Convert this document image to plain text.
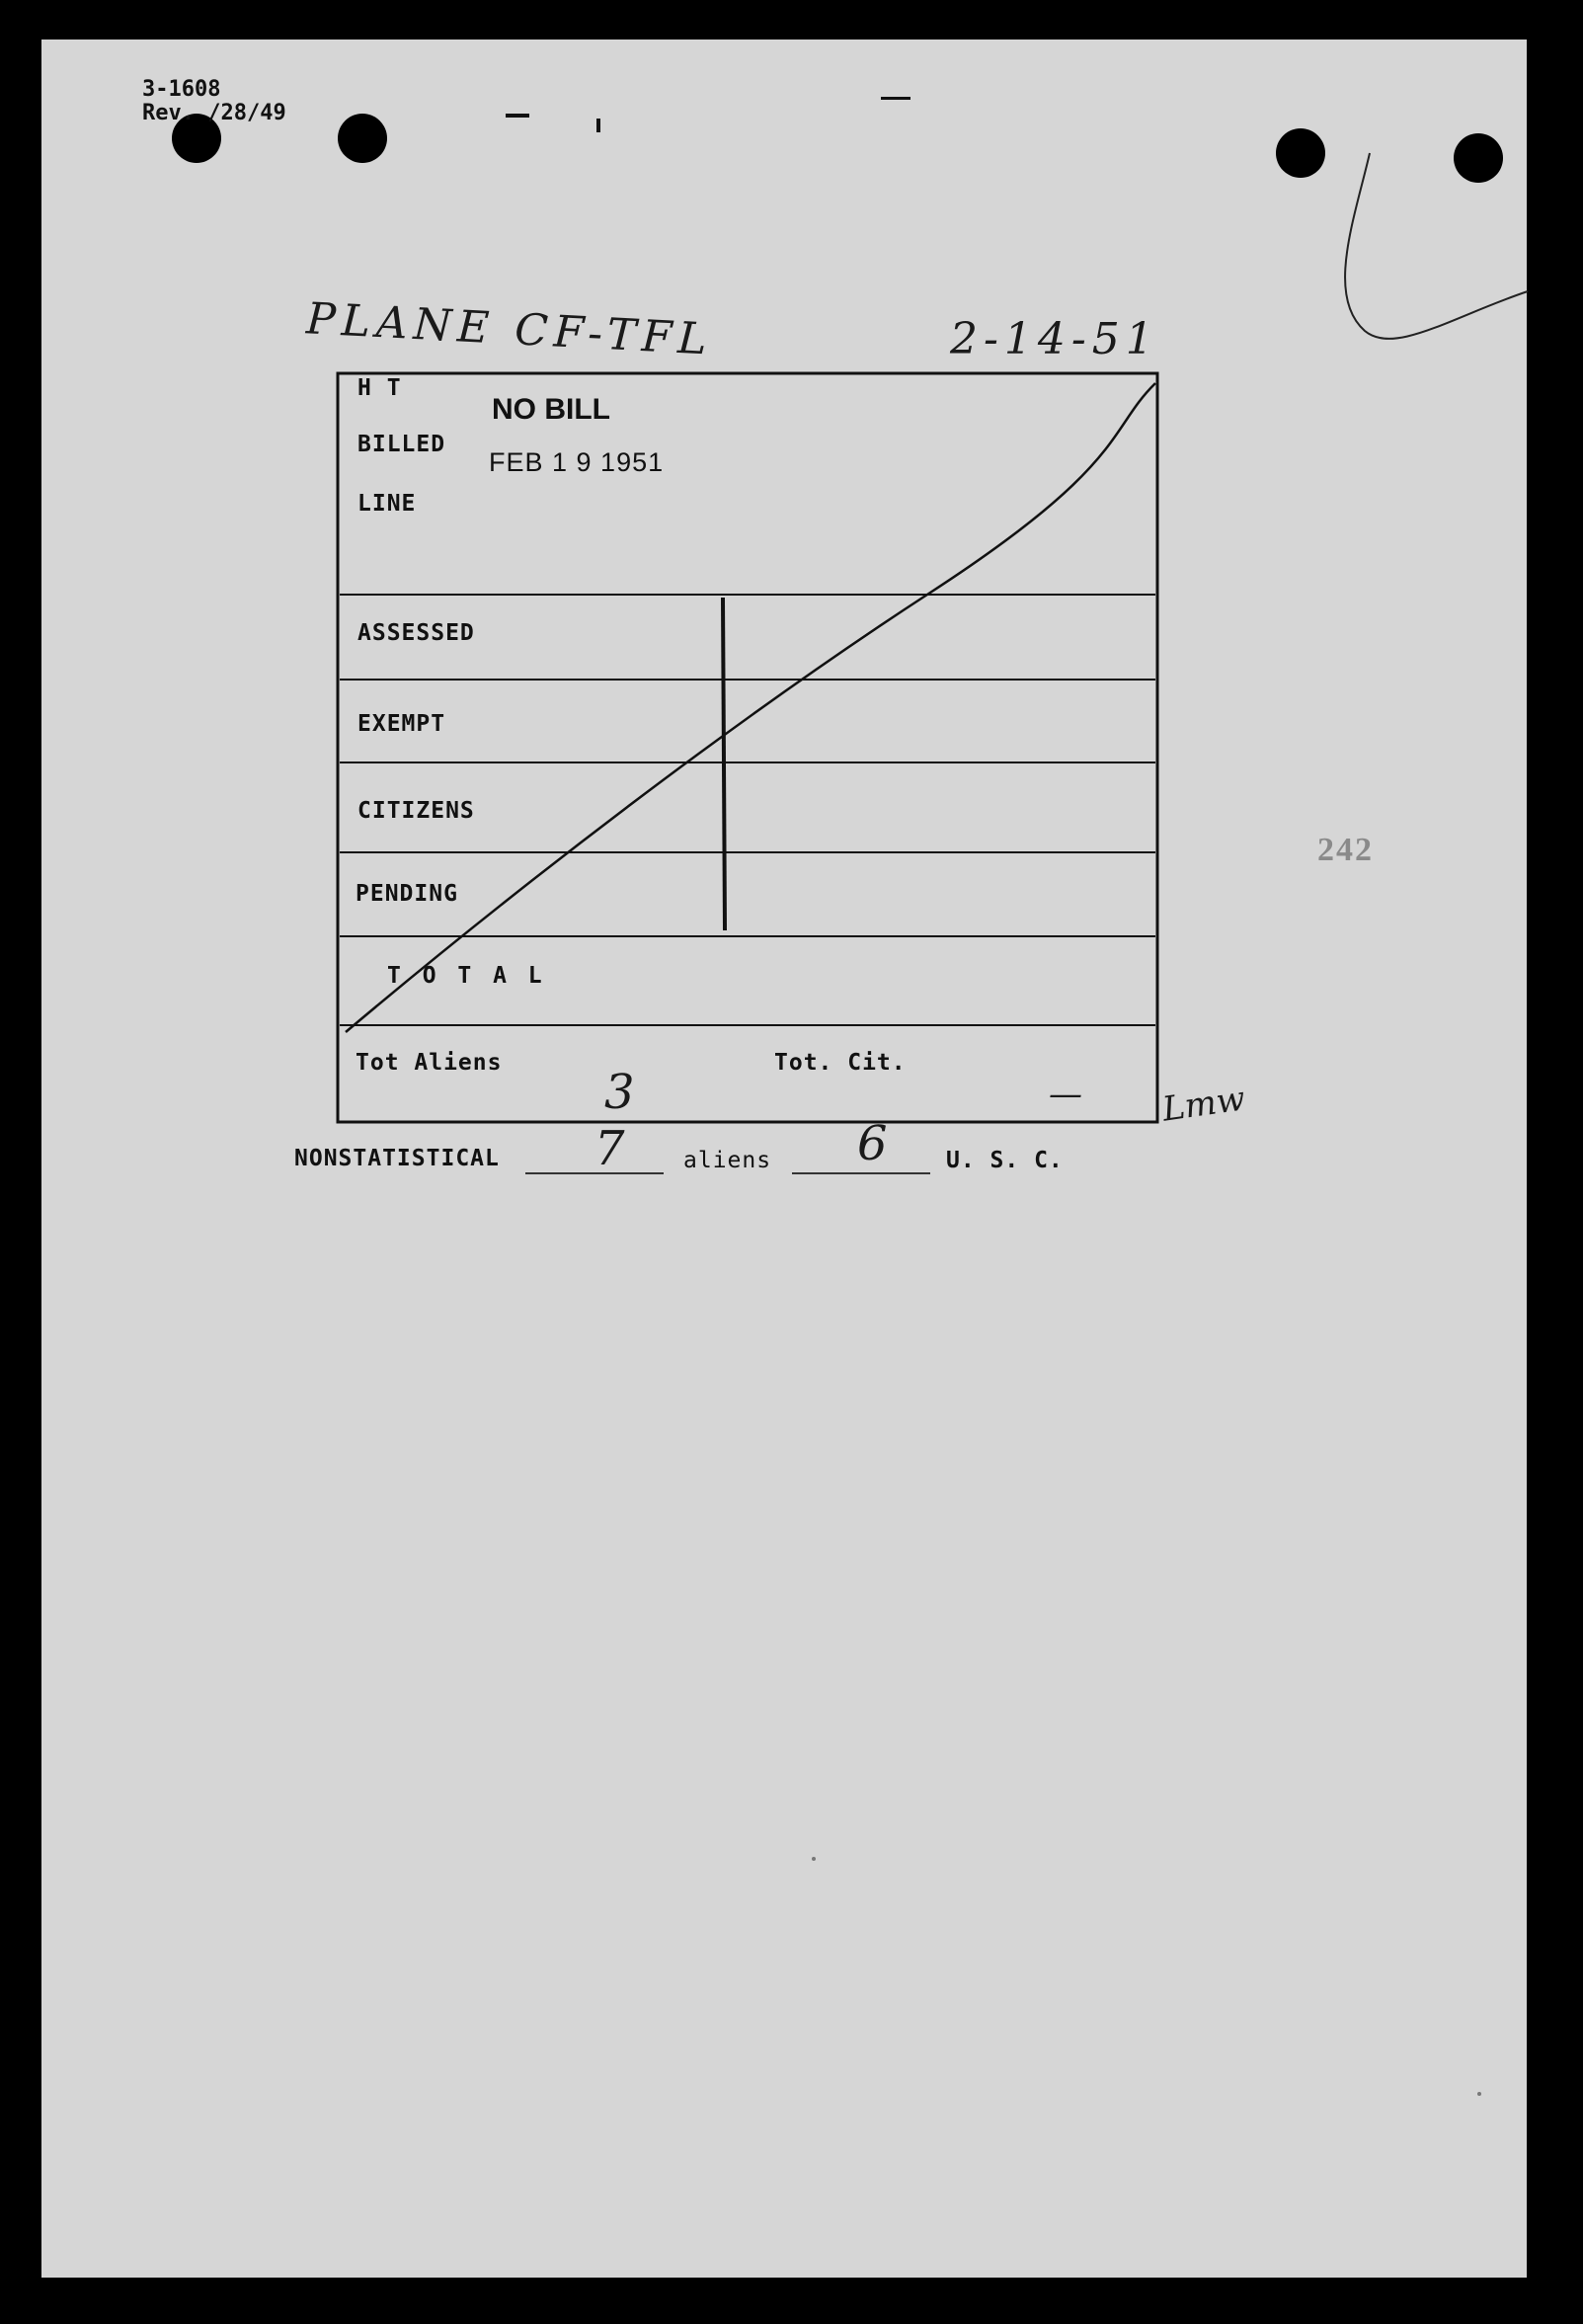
3-1608
Rev. /28/49
PLANE CF-TFL	2-14-51
H T
BILLED
LINE
NO BILL
FEB 1 9 1951
ASSESSED
EXEMPT
CITIZENS
PENDING
T O T A L
Tot Aliens	Tot. Cit.
3	— Lmw
NONSTATISTICAL 7	aliens 6	U. S. C.
242
